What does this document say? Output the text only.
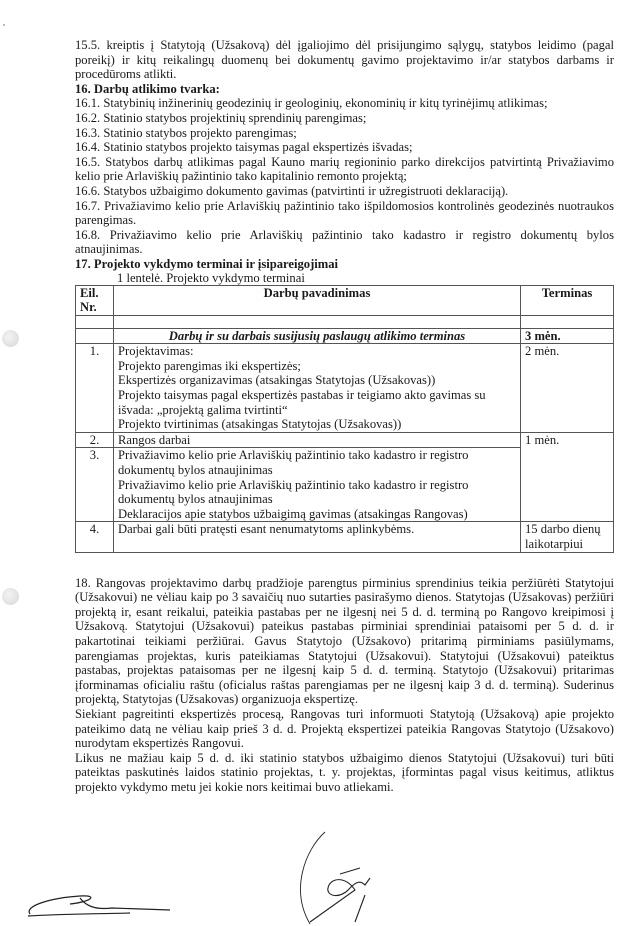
15.5. kreiptis į Statytoją (Užsakovą) dėl įgaliojimo dėl prisijungimo sąlygų, statybos leidimo (pagal poreikį) ir kitų reikalingų duomenų bei dokumentų gavimo projektavimo ir/ar statybos darbams ir procedūroms atlikti.

16. Darbų atlikimo tvarka:

16.1. Statybinių inžinerinių geodezinių ir geologinių, ekonominių ir kitų tyrinėjimų atlikimas;

16.2. Statinio statybos projektinių sprendinių parengimas;

16.3. Statinio statybos projekto parengimas;

16.4. Statinio statybos projekto taisymas pagal ekspertizės išvadas;

16.5. Statybos darbų atlikimas pagal Kauno marių regioninio parko direkcijos patvirtintą Privažiavimo kelio prie Arlaviškių pažintinio tako kapitalinio remonto projektą;

16.6. Statybos užbaigimo dokumento gavimas (patvirtinti ir užregistruoti deklaraciją).

16.7. Privažiavimo kelio prie Arlaviškių pažintinio tako išpildomosios kontrolinės geodezinės nuotraukos parengimas.

16.8. Privažiavimo kelio prie Arlaviškių pažintinio tako kadastro ir registro dokumentų bylos atnaujinimas.

17. Projekto vykdymo terminai ir įsipareigojimai

1 lentelė. Projekto vykdymo terminai

Eil. Nr.	Darbų pavadinimas	Terminas

	Darbų ir su darbais susijusių paslaugų atlikimo terminas	3 mėn.
1.	Projektavimas:
Projekto parengimas iki ekspertizės;
Ekspertizės organizavimas (atsakingas Statytojas (Užsakovas))
Projekto taisymas pagal ekspertizės pastabas ir teigiamo akto gavimas su išvada: „projektą galima tvirtinti“
Projekto tvirtinimas (atsakingas Statytojas (Užsakovas))	2 mėn.
2.	Rangos darbai	1 mėn.
3.	Privažiavimo kelio prie Arlaviškių pažintinio tako kadastro ir registro dokumentų bylos atnaujinimas
Privažiavimo kelio prie Arlaviškių pažintinio tako kadastro ir registro dokumentų bylos atnaujinimas
Deklaracijos apie statybos užbaigimą gavimas (atsakingas Rangovas)	

4.	Darbai gali būti pratęsti esant nenumatytoms aplinkybėms.	15 darbo dienų laikotarpiui

18. Rangovas projektavimo darbų pradžioje parengtus pirminius sprendinius teikia peržiūrėti Statytojui (Užsakovui) ne vėliau kaip po 3 savaičių nuo sutarties pasirašymo dienos. Statytojas (Užsakovas) peržiūri projektą ir, esant reikalui, pateikia pastabas per ne ilgesnį nei 5 d. d. terminą po Rangovo kreipimosi į Užsakovą. Statytojui (Užsakovui) pateikus pastabas pirminiai sprendiniai pataisomi per 5 d. d. ir pakartotinai teikiami peržiūrai. Gavus Statytojo (Užsakovo) pritarimą pirminiams pasiūlymams, parengiamas projektas, kuris pateikiamas Statytojui (Užsakovui). Statytojui (Užsakovui) pateiktus pastabas, projektas pataisomas per ne ilgesnį kaip 5 d. d. terminą. Statytojo (Užsakovui) pritarimas įforminamas oficialiu raštu (oficialus raštas parengiamas per ne ilgesnį kaip 3 d. d. terminą). Suderinus projektą, Statytojas (Užsakovas) organizuoja ekspertizę.

Siekiant pagreitinti ekspertizės procesą, Rangovas turi informuoti Statytoją (Užsakovą) apie projekto pateikimo datą ne vėliau kaip prieš 3 d. d. Projektą ekspertizei pateikia Rangovas Statytojo (Užsakovo) nurodytam ekspertizės Rangovui.

Likus ne mažiau kaip 5 d. d. iki statinio statybos užbaigimo dienos Statytojui (Užsakovui) turi būti pateiktas paskutinės laidos statinio projektas, t. y. projektas, įformintas pagal visus keitimus, atliktus projekto vykdymo metu jei kokie nors keitimai buvo atliekami.
